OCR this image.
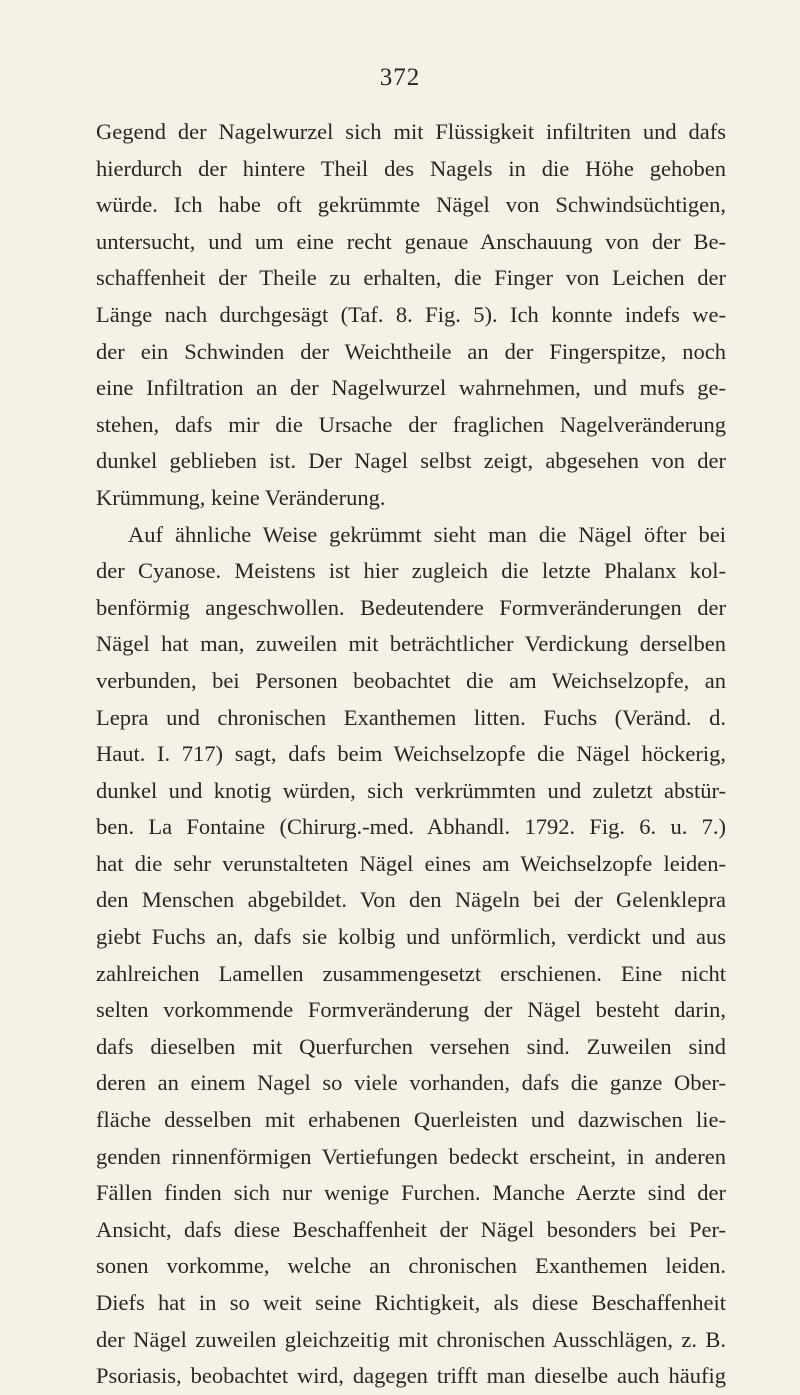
372
Gegend der Nagelwurzel sich mit Flüssigkeit infiltriten und dafs
hierdurch der hintere Theil des Nagels in die Höhe gehoben
würde. Ich habe oft gekrümmte Nägel von Schwindsüchtigen,
untersucht, und um eine recht genaue Anschauung von der Be-
schaffenheit der Theile zu erhalten, die Finger von Leichen der
Länge nach durchgesägt (Taf. 8. Fig. 5). Ich konnte indefs we-
der ein Schwinden der Weichtheile an der Fingerspitze, noch
eine Infiltration an der Nagelwurzel wahrnehmen, und mufs ge-
stehen, dafs mir die Ursache der fraglichen Nagelveränderung
dunkel geblieben ist. Der Nagel selbst zeigt, abgesehen von der
Krümmung, keine Veränderung.
Auf ähnliche Weise gekrümmt sieht man die Nägel öfter bei
der Cyanose. Meistens ist hier zugleich die letzte Phalanx kol-
benförmig angeschwollen. Bedeutendere Formveränderungen der
Nägel hat man, zuweilen mit beträchtlicher Verdickung derselben
verbunden, bei Personen beobachtet die am Weichselzopfe, an
Lepra und chronischen Exanthemen litten. Fuchs (Veränd. d.
Haut. I. 717) sagt, dafs beim Weichselzopfe die Nägel höckerig,
dunkel und knotig würden, sich verkrümmten und zuletzt abstür-
ben. La Fontaine (Chirurg.-med. Abhandl. 1792. Fig. 6. u. 7.)
hat die sehr verunstalteten Nägel eines am Weichselzopfe leiden-
den Menschen abgebildet. Von den Nägeln bei der Gelenklepra
giebt Fuchs an, dafs sie kolbig und unförmlich, verdickt und aus
zahlreichen Lamellen zusammengesetzt erschienen. Eine nicht
selten vorkommende Formveränderung der Nägel besteht darin,
dafs dieselben mit Querfurchen versehen sind. Zuweilen sind
deren an einem Nagel so viele vorhanden, dafs die ganze Ober-
fläche desselben mit erhabenen Querleisten und dazwischen lie-
genden rinnenförmigen Vertiefungen bedeckt erscheint, in anderen
Fällen finden sich nur wenige Furchen. Manche Aerzte sind der
Ansicht, dafs diese Beschaffenheit der Nägel besonders bei Per-
sonen vorkomme, welche an chronischen Exanthemen leiden.
Diefs hat in so weit seine Richtigkeit, als diese Beschaffenheit
der Nägel zuweilen gleichzeitig mit chronischen Ausschlägen, z. B.
Psoriasis, beobachtet wird, dagegen trifft man dieselbe auch häufig
